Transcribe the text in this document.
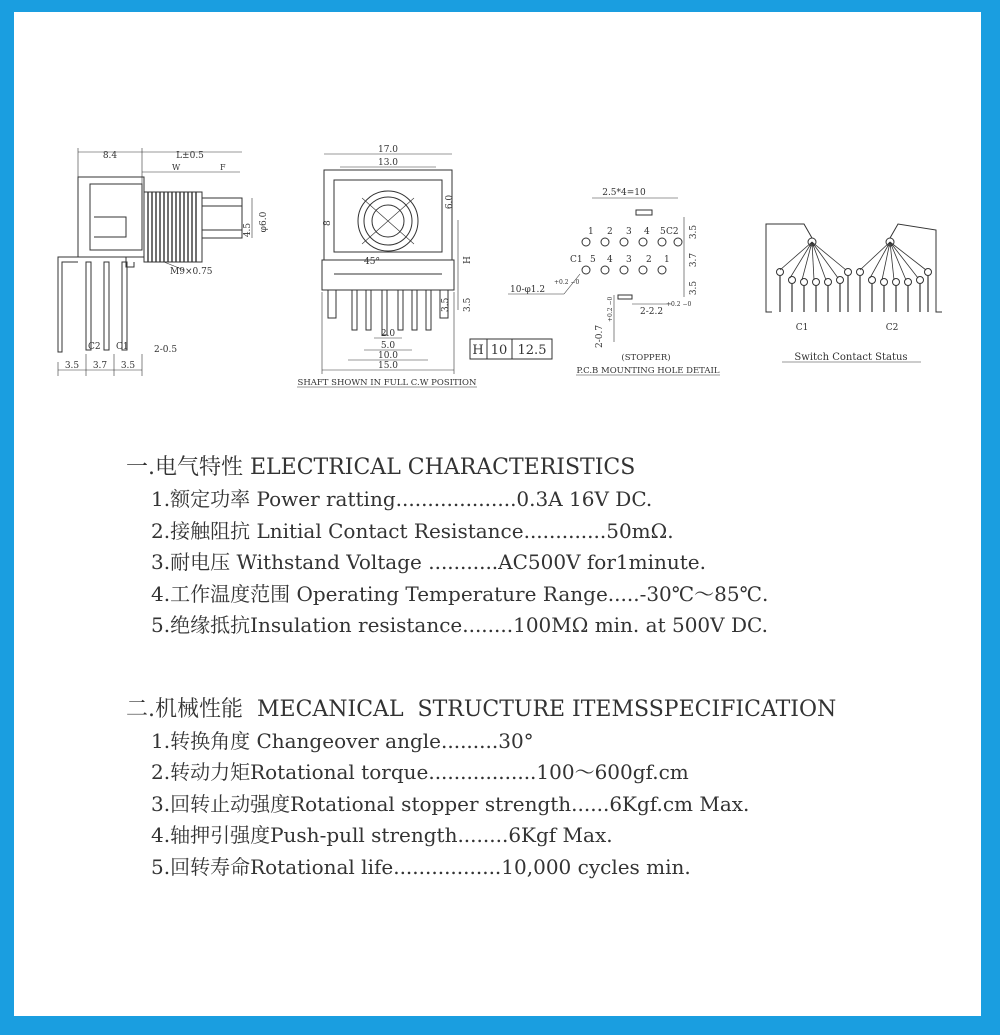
8.4	L±0.5
W	F
φ6.0
4.5
M9×0.75
C2 C1	2-0.5
3.5 3.7 3.5
17.0
13.0
45°
8
6.0
H
3.5
3.5
2.0
5.0
10.0
15.0
SHAFT SHOWN IN FULL C.W POSITION
H 10 12.5
2.5*4=10
1 2 3 4 5 C2
C1 5 4 3 2 1
3.5
3.7
3.5
10-φ1.2
+0.2 −0
2-2.2
+0.2 −0
2-0.7
+0.2 −0
(STOPPER)
P.C.B MOUNTING HOLE DETAIL
C1	C2
Switch Contact Status
一.电气特性 ELECTRICAL CHARACTERISTICS
1.额定功率 Power ratting...................0.3A 16V DC.
2.接触阻抗 Lnitial Contact Resistance.............50mΩ.
3.耐电压 Withstand Voltage ...........AC500V for1minute.
4.工作温度范围 Operating Temperature Range.....-30℃～85℃.
5.绝缘抵抗Insulation resistance........100MΩ min. at 500V DC.
二.机械性能  MECANICAL  STRUCTURE ITEMSSPECIFICATION
1.转换角度 Changeover angle.........30°
2.转动力矩Rotational torque.................100～600gf.cm
3.回转止动强度Rotational stopper strength......6Kgf.cm Max.
4.轴押引强度Push-pull strength........6Kgf Max.
5.回转寿命Rotational life.................10,000 cycles min.
